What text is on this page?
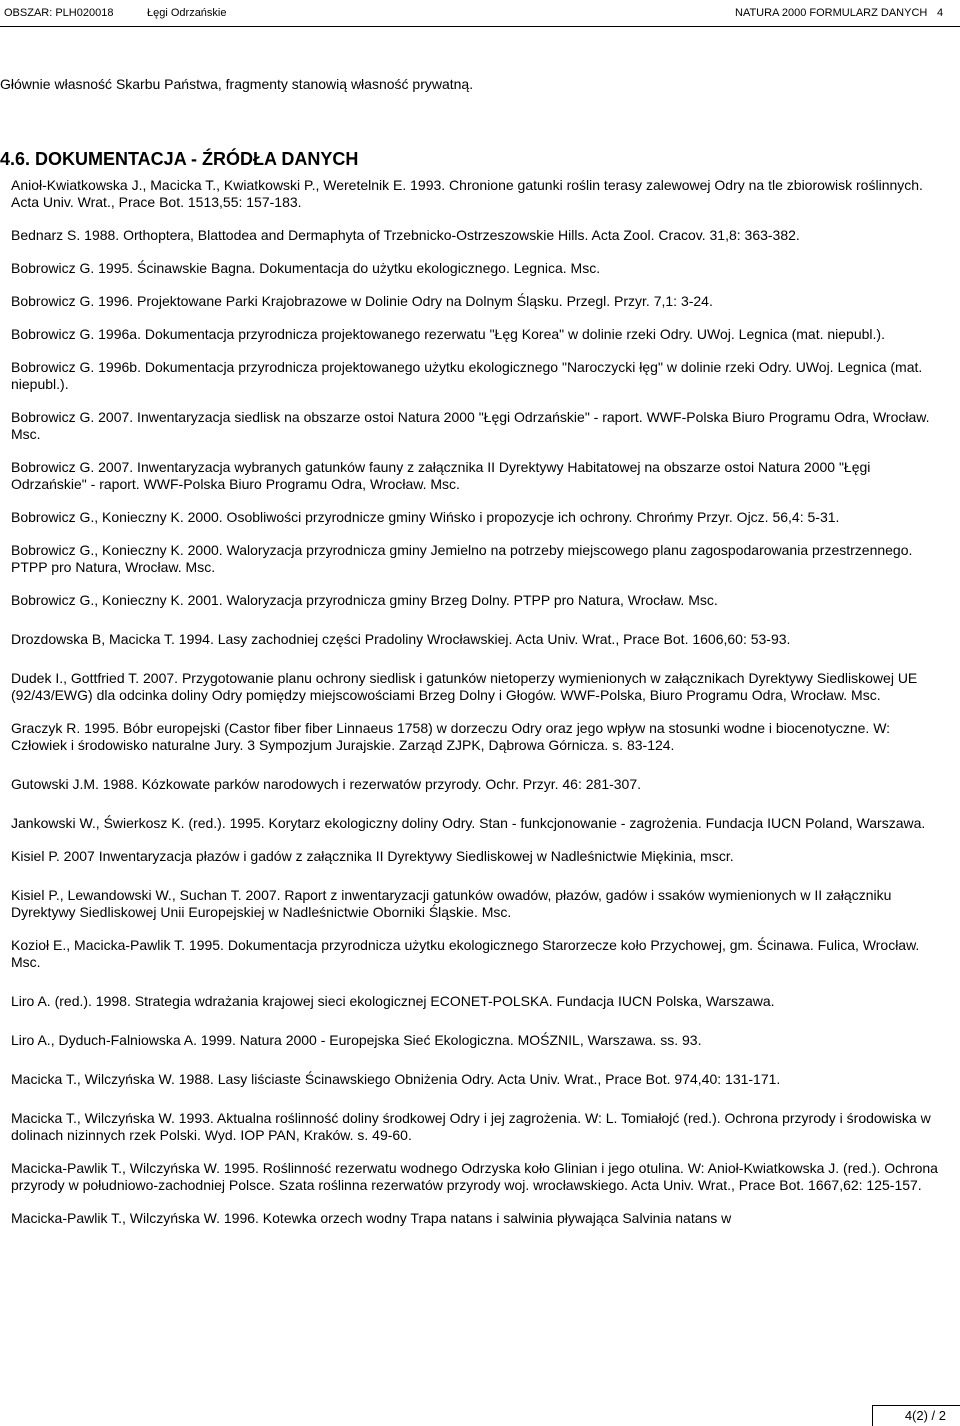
OBSZAR: PLH020018	Łęgi Odrzańskie	NATURA 2000 FORMULARZ DANYCH 4

Głównie własność Skarbu Państwa, fragmenty stanowią własność prywatną.

4.6. DOKUMENTACJA - ŹRÓDŁA DANYCH
Anioł-Kwiatkowska J., Macicka T., Kwiatkowski P., Weretelnik E. 1993. Chronione gatunki roślin terasy zalewowej Odry na tle zbiorowisk roślinnych. Acta Univ. Wrat., Prace Bot. 1513,55: 157-183.
Bednarz S. 1988. Orthoptera, Blattodea and Dermaphyta of Trzebnicko-Ostrzeszowskie Hills. Acta Zool. Cracov. 31,8: 363-382.
Bobrowicz G. 1995. Ścinawskie Bagna. Dokumentacja do użytku ekologicznego. Legnica. Msc.
Bobrowicz G. 1996. Projektowane Parki Krajobrazowe w Dolinie Odry na Dolnym Śląsku. Przegl. Przyr. 7,1: 3-24.
Bobrowicz G. 1996a. Dokumentacja przyrodnicza projektowanego rezerwatu "Łęg Korea" w dolinie rzeki Odry. UWoj. Legnica (mat. niepubl.).
Bobrowicz G. 1996b. Dokumentacja przyrodnicza projektowanego użytku ekologicznego "Naroczycki łęg" w dolinie rzeki Odry. UWoj. Legnica (mat. niepubl.).
Bobrowicz G. 2007. Inwentaryzacja siedlisk na obszarze ostoi Natura 2000 "Łęgi Odrzańskie" - raport. WWF-Polska Biuro Programu Odra, Wrocław. Msc.
Bobrowicz G. 2007. Inwentaryzacja wybranych gatunków fauny z załącznika II Dyrektywy Habitatowej na obszarze ostoi Natura 2000 "Łęgi Odrzańskie" - raport. WWF-Polska Biuro Programu Odra, Wrocław. Msc.
Bobrowicz G., Konieczny K. 2000. Osobliwości przyrodnicze gminy Wińsko i propozycje ich ochrony. Chrońmy Przyr. Ojcz. 56,4: 5-31.
Bobrowicz G., Konieczny K. 2000. Waloryzacja przyrodnicza gminy Jemielno na potrzeby miejscowego planu zagospodarowania przestrzennego. PTPP pro Natura, Wrocław. Msc.
Bobrowicz G., Konieczny K. 2001. Waloryzacja przyrodnicza gminy Brzeg Dolny. PTPP pro Natura, Wrocław. Msc.
Drozdowska B, Macicka T. 1994. Lasy zachodniej części Pradoliny Wrocławskiej. Acta Univ. Wrat., Prace Bot. 1606,60: 53-93.
Dudek I., Gottfried T. 2007. Przygotowanie planu ochrony siedlisk i gatunków nietoperzy wymienionych w załącznikach Dyrektywy Siedliskowej UE (92/43/EWG) dla odcinka doliny Odry pomiędzy miejscowościami Brzeg Dolny i Głogów. WWF-Polska, Biuro Programu Odra, Wrocław. Msc.
Graczyk R. 1995. Bóbr europejski (Castor fiber fiber Linnaeus 1758) w dorzeczu Odry oraz jego wpływ na stosunki wodne i biocenotyczne. W: Człowiek i środowisko naturalne Jury. 3 Sympozjum Jurajskie. Zarząd ZJPK, Dąbrowa Górnicza. s. 83-124.
Gutowski J.M. 1988. Kózkowate parków narodowych i rezerwatów przyrody. Ochr. Przyr. 46: 281-307.
Jankowski W., Świerkosz K. (red.). 1995. Korytarz ekologiczny doliny Odry. Stan - funkcjonowanie - zagrożenia. Fundacja IUCN Poland, Warszawa.
Kisiel P. 2007 Inwentaryzacja płazów i gadów z załącznika II Dyrektywy Siedliskowej w Nadleśnictwie Miękinia, mscr.
Kisiel P., Lewandowski W., Suchan T. 2007. Raport z inwentaryzacji gatunków owadów, płazów, gadów i ssaków wymienionych w II załączniku Dyrektywy Siedliskowej Unii Europejskiej w Nadleśnictwie Oborniki Śląskie. Msc.
Kozioł E., Macicka-Pawlik T. 1995. Dokumentacja przyrodnicza użytku ekologicznego Starorzecze koło Przychowej, gm. Ścinawa. Fulica, Wrocław. Msc.
Liro A. (red.). 1998. Strategia wdrażania krajowej sieci ekologicznej ECONET-POLSKA. Fundacja IUCN Polska, Warszawa.
Liro A., Dyduch-Falniowska A. 1999. Natura 2000 - Europejska Sieć Ekologiczna. MOŚZNIL, Warszawa. ss. 93.
Macicka T., Wilczyńska W. 1988. Lasy liściaste Ścinawskiego Obniżenia Odry. Acta Univ. Wrat., Prace Bot. 974,40: 131-171.
Macicka T., Wilczyńska W. 1993. Aktualna roślinność doliny środkowej Odry i jej zagrożenia. W: L. Tomiałojć (red.). Ochrona przyrody i środowiska w dolinach nizinnych rzek Polski. Wyd. IOP PAN, Kraków. s. 49-60.
Macicka-Pawlik T., Wilczyńska W. 1995. Roślinność rezerwatu wodnego Odrzyska koło Glinian i jego otulina. W: Anioł-Kwiatkowska J. (red.). Ochrona przyrody w południowo-zachodniej Polsce. Szata roślinna rezerwatów przyrody woj. wrocławskiego. Acta Univ. Wrat., Prace Bot. 1667,62: 125-157.
Macicka-Pawlik T., Wilczyńska W. 1996. Kotewka orzech wodny Trapa natans i salwinia pływająca Salvinia natans w
4(2) / 2
